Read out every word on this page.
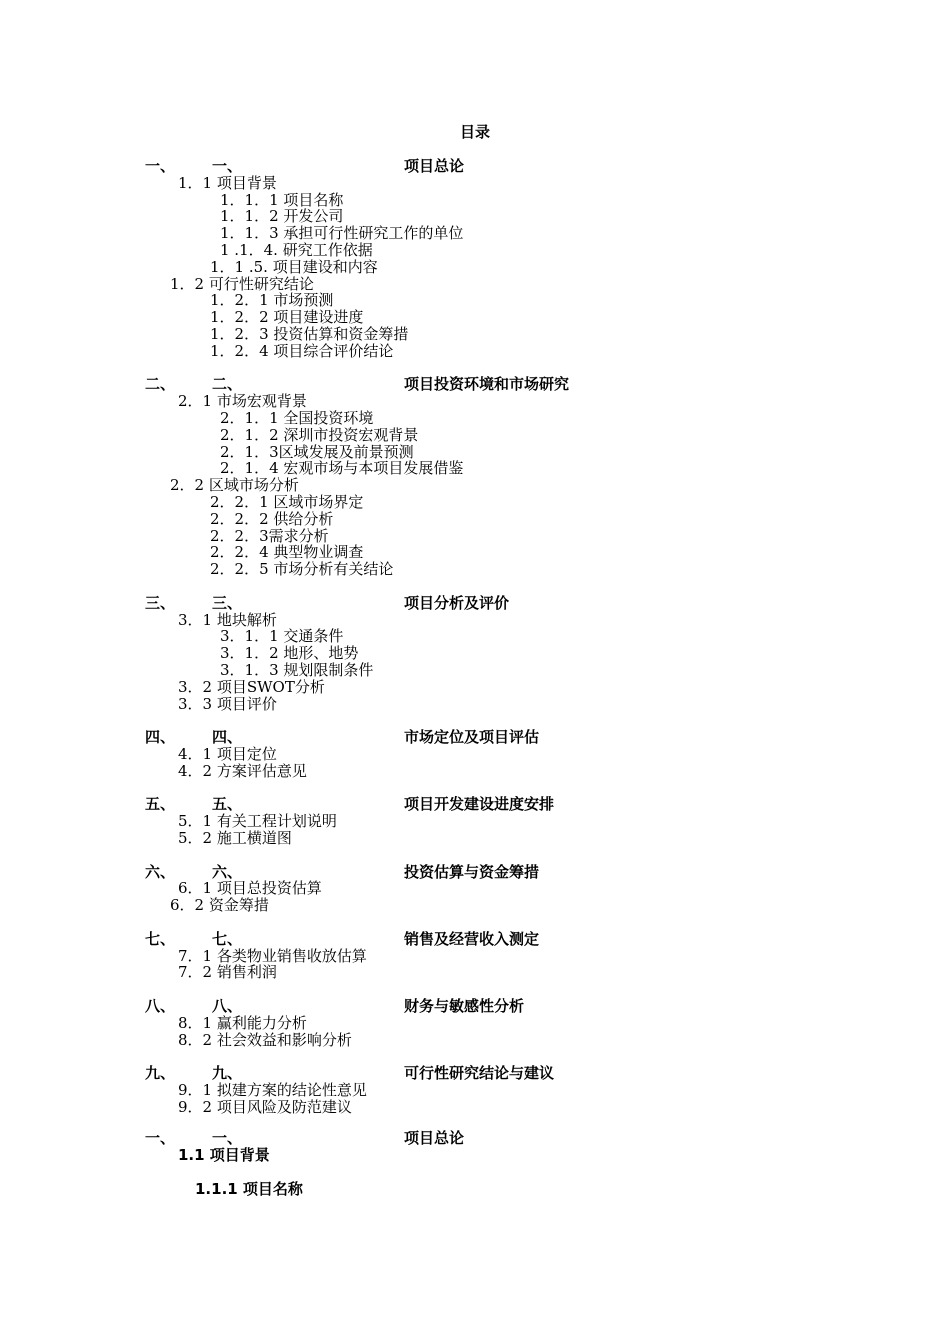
目录
一、 一、	项目总论
1．1 项目背景
1．1．1 项目名称
1．1．2 开发公司
1．1．3 承担可行性研究工作的单位
1 .1．4. 研究工作依据
1．1 .5. 项目建设和内容
1．2 可行性研究结论
1．2．1 市场预测
1．2．2 项目建设进度
1．2．3 投资估算和资金筹措
1．2．4 项目综合评价结论
二、 二、	项目投资环境和市场研究
2．1 市场宏观背景
2．1．1 全国投资环境
2．1．2 深圳市投资宏观背景
2．1．3区域发展及前景预测
2．1．4 宏观市场与本项目发展借鉴
2．2 区域市场分析
2．2．1 区域市场界定
2．2．2 供给分析
2．2．3需求分析
2．2．4 典型物业调查
2．2．5 市场分析有关结论
三、 三、	项目分析及评价
3．1 地块解析
3．1．1 交通条件
3．1．2 地形、地势
3．1．3 规划限制条件
3．2 项目SWOT分析
3．3 项目评价
四、 四、	市场定位及项目评估
4．1 项目定位
4．2 方案评估意见
五、 五、	项目开发建设进度安排
5．1 有关工程计划说明
5．2 施工横道图
六、 六、	投资估算与资金筹措
6．1 项目总投资估算
6．2 资金筹措
七、 七、	销售及经营收入测定
7．1 各类物业销售收放估算
7．2 销售利润
八、 八、	财务与敏感性分析
8．1 赢利能力分析
8．2 社会效益和影响分析
九、 九、	可行性研究结论与建议
9．1 拟建方案的结论性意见
9．2 项目风险及防范建议
一、 一、	项目总论
1.1 项目背景
1.1.1 项目名称
